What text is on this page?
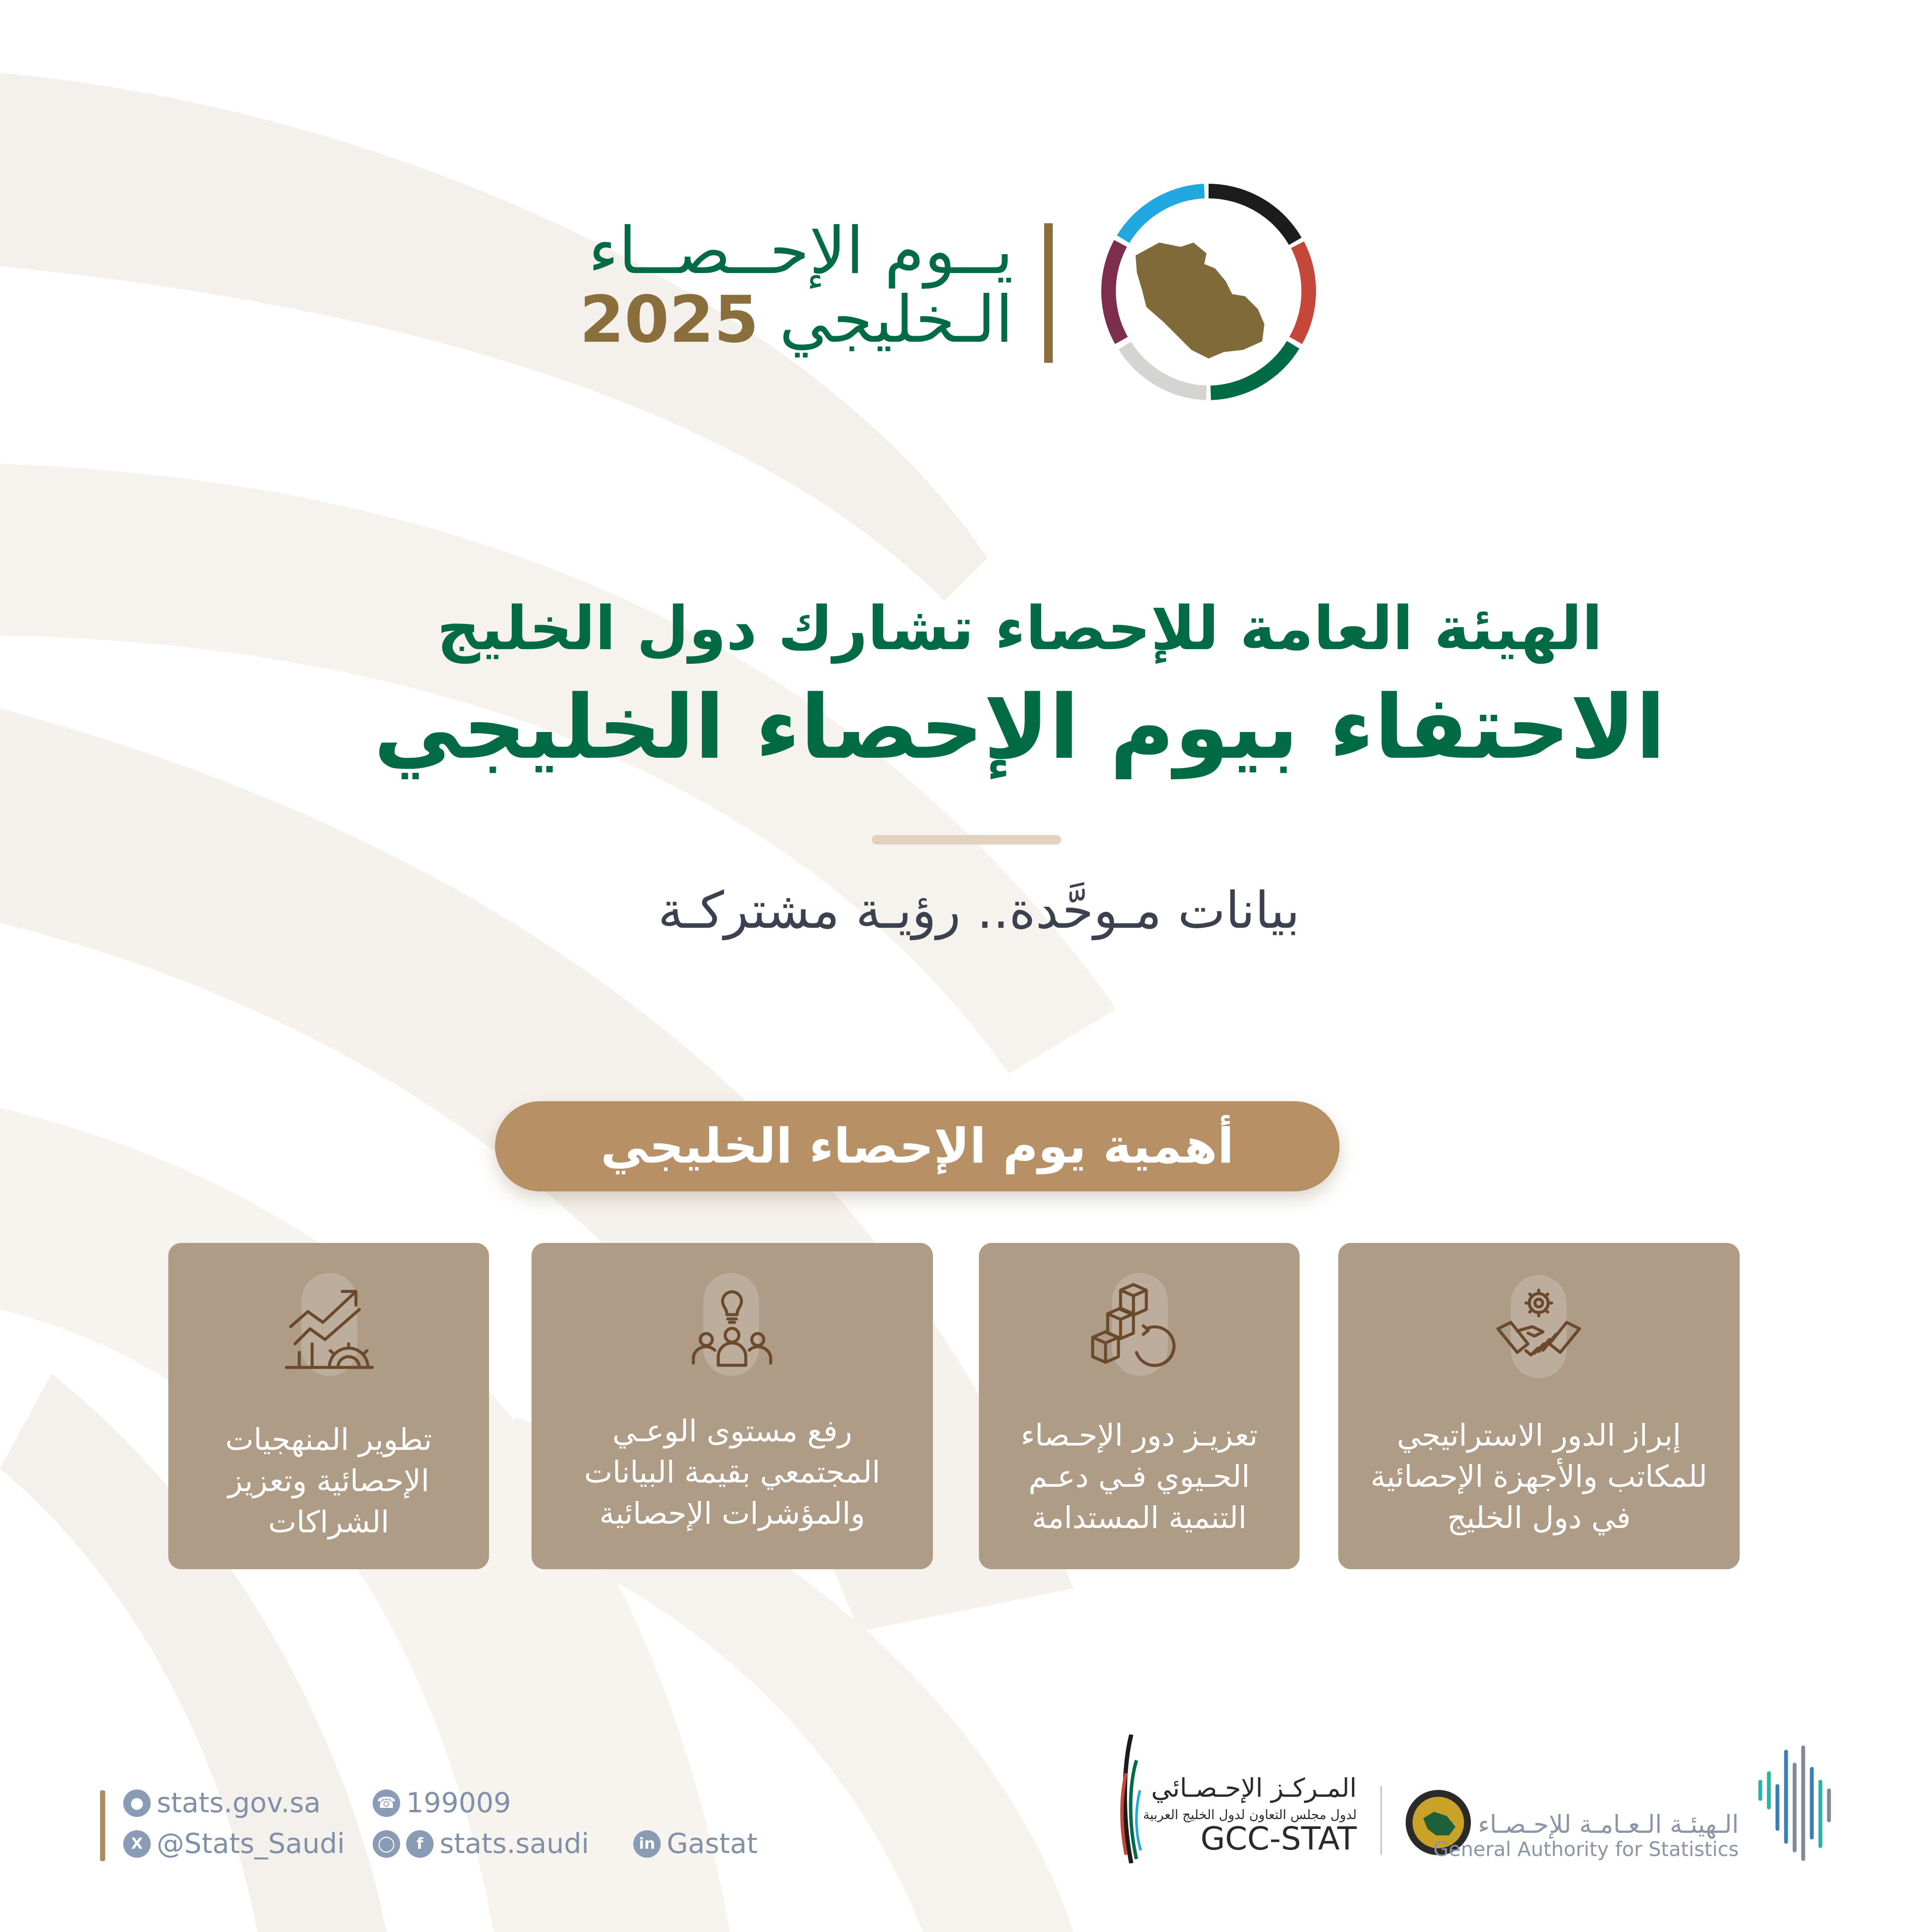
يــوم الإحــصــاء
الـخليجي 2025
الهيئة العامة للإحصاء تشارك دول الخليج
الاحتفاء بيوم الإحصاء الخليجي
بيانات مـوحَّدة.. رؤيـة مشتركـة
أهمية يوم الإحصاء الخليجي
إبراز الدور الاستراتيجي
للمكاتب والأجهزة الإحصائية
في دول الخليج
تعزيـز دور الإحـصاء
الحـيوي فـي دعـم
التنمية المستدامة
رفع مستوى الوعـي
المجتمعي بقيمة البيانات
والمؤشرات الإحصائية
تطوير المنهجيات
الإحصائية وتعزيز
الشراكات
● stats.gov.sa	☎ 199009
X @Stats_Saudi	◯	f stats.saudi	in Gastat
المـركـز الإحـصـائي
لدول مجلس التعاون لدول الخليج العربية
GCC-STAT	الـهيئـة الـعـامـة للإحـصـاء
General Authority for Statistics
